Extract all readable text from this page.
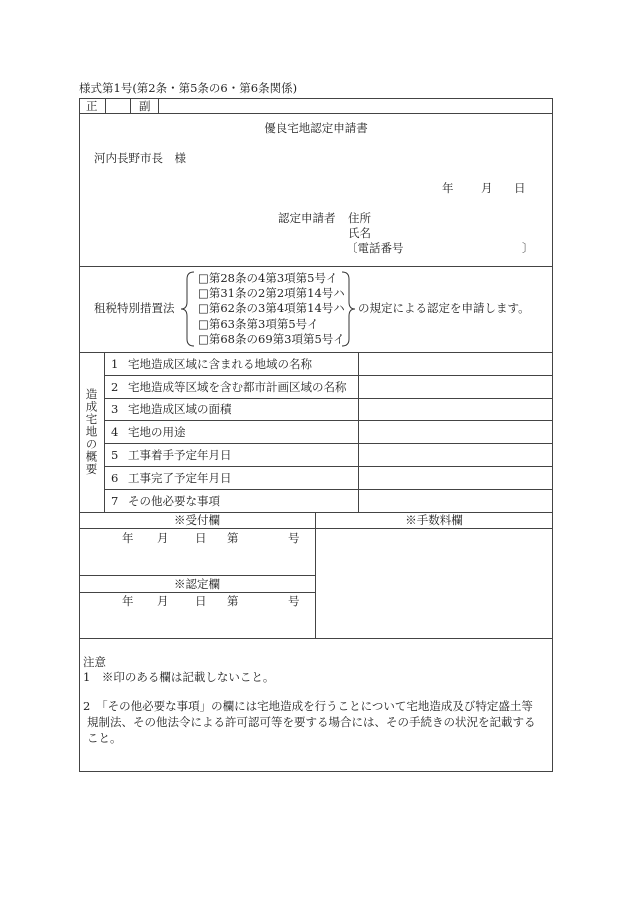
様式第1号(第2条・第5条の6・第6条関係)
正	副
優良宅地認定申請書
河内長野市長　様
年 月 日
認定申請者 住所
氏名
〔電話番号	〕
租税特別措置法
□第28条の4第3項第5号イ
□第31条の2第2項第14号ハ
□第62条の3第4項第14号ハ
□第63条第3項第5号イ
□第68条の69第3項第5号イ
の規定による認定を申請します。
造成宅地の概要
1 宅地造成区域に含まれる地域の名称
2 宅地造成等区域を含む都市計画区域の名称
3 宅地造成区域の面積
4 宅地の用途
5 工事着手予定年月日
6 工事完了予定年月日
7 その他必要な事項
※受付欄	※手数料欄
年 月 日 第	号
※認定欄
年 月 日 第	号
注意
1　※印のある欄は記載しないこと。
2　「その他必要な事項」の欄には宅地造成を行うことについて宅地造成及び特定盛土等
規制法、その他法令による許可認可等を要する場合には、その手続きの状況を記載する
こと。
